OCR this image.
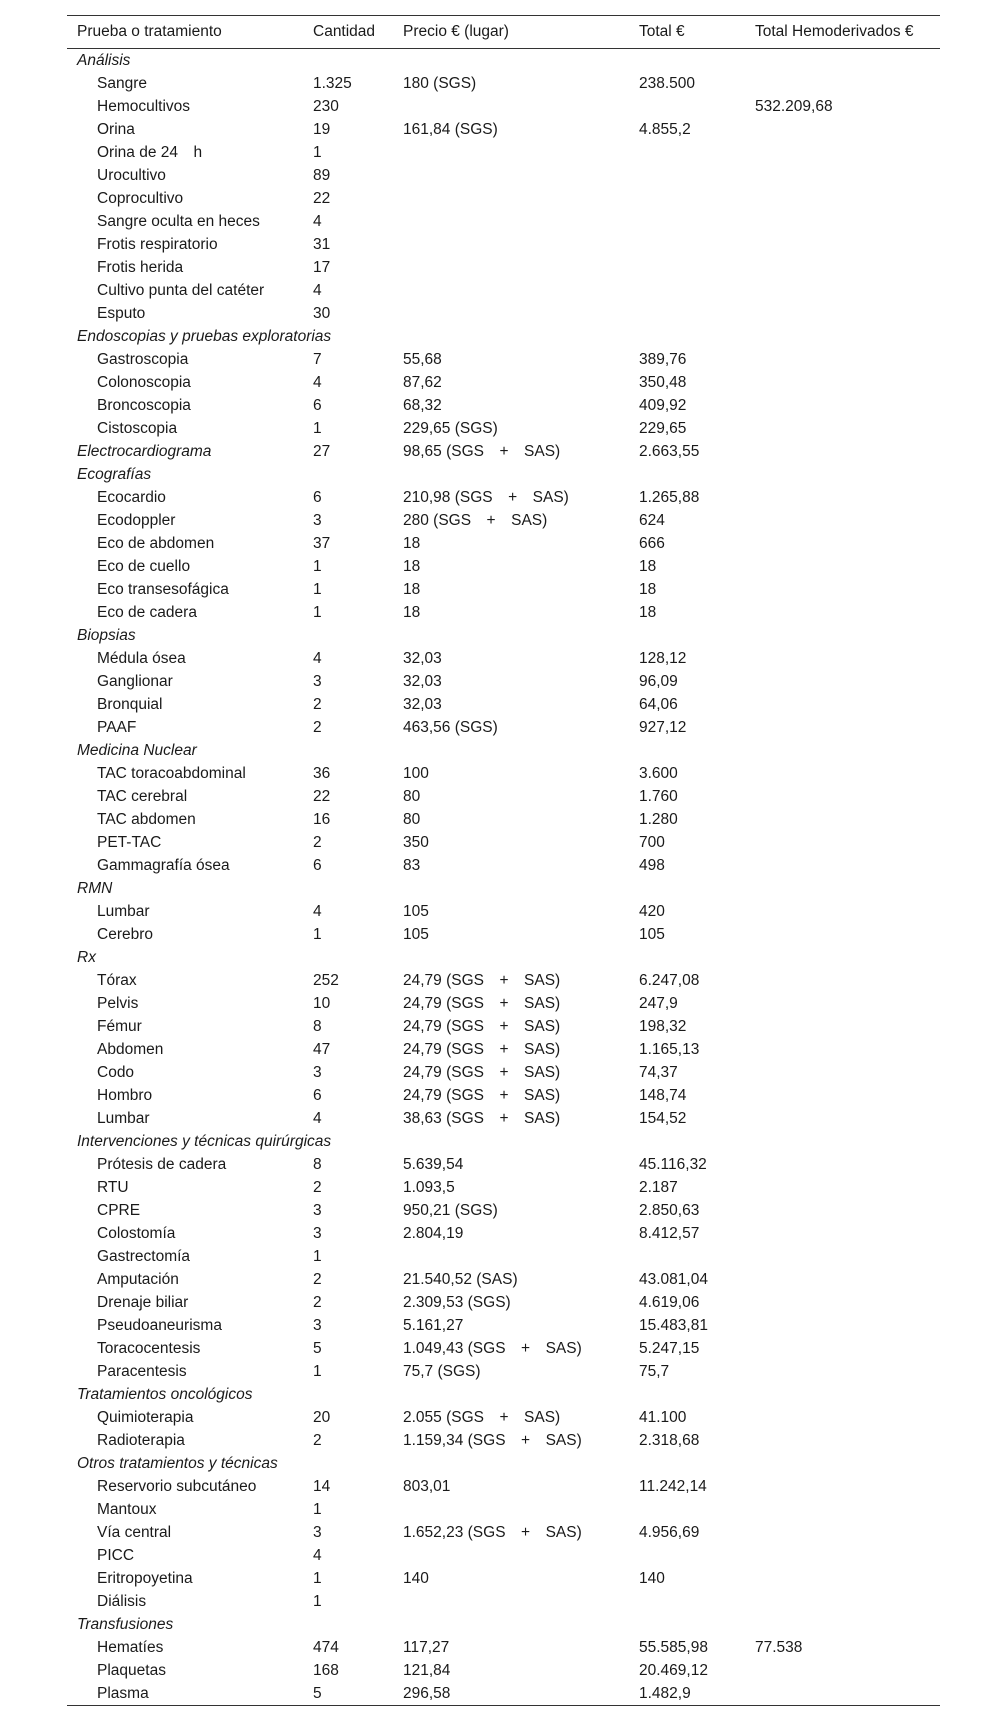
Prueba o tratamiento	Cantidad	Precio € (lugar)	Total €	Total Hemoderivados €
Análisis				
Sangre	1.325	180 (SGS)	238.500	
Hemocultivos	230			532.209,68
Orina	19	161,84 (SGS)	4.855,2	
Orina de 24 h	1			
Urocultivo	89			
Coprocultivo	22			
Sangre oculta en heces	4			
Frotis respiratorio	31			
Frotis herida	17			
Cultivo punta del catéter	4			
Esputo	30			
Endoscopias y pruebas exploratorias				
Gastroscopia	7	55,68	389,76	
Colonoscopia	4	87,62	350,48	
Broncoscopia	6	68,32	409,92	
Cistoscopia	1	229,65 (SGS)	229,65	
Electrocardiograma	27	98,65 (SGS + SAS)	2.663,55	
Ecografías				
Ecocardio	6	210,98 (SGS + SAS)	1.265,88	
Ecodoppler	3	280 (SGS + SAS)	624	
Eco de abdomen	37	18	666	
Eco de cuello	1	18	18	
Eco transesofágica	1	18	18	
Eco de cadera	1	18	18	
Biopsias				
Médula ósea	4	32,03	128,12	
Ganglionar	3	32,03	96,09	
Bronquial	2	32,03	64,06	
PAAF	2	463,56 (SGS)	927,12	
Medicina Nuclear				
TAC toracoabdominal	36	100	3.600	
TAC cerebral	22	80	1.760	
TAC abdomen	16	80	1.280	
PET-TAC	2	350	700	
Gammagrafía ósea	6	83	498	
RMN				
Lumbar	4	105	420	
Cerebro	1	105	105	
Rx				
Tórax	252	24,79 (SGS + SAS)	6.247,08	
Pelvis	10	24,79 (SGS + SAS)	247,9	
Fémur	8	24,79 (SGS + SAS)	198,32	
Abdomen	47	24,79 (SGS + SAS)	1.165,13	
Codo	3	24,79 (SGS + SAS)	74,37	
Hombro	6	24,79 (SGS + SAS)	148,74	
Lumbar	4	38,63 (SGS + SAS)	154,52	
Intervenciones y técnicas quirúrgicas				
Prótesis de cadera	8	5.639,54	45.116,32	
RTU	2	1.093,5	2.187	
CPRE	3	950,21 (SGS)	2.850,63	
Colostomía	3	2.804,19	8.412,57	
Gastrectomía	1			
Amputación	2	21.540,52 (SAS)	43.081,04	
Drenaje biliar	2	2.309,53 (SGS)	4.619,06	
Pseudoaneurisma	3	5.161,27	15.483,81	
Toracocentesis	5	1.049,43 (SGS + SAS)	5.247,15	
Paracentesis	1	75,7 (SGS)	75,7	
Tratamientos oncológicos				
Quimioterapia	20	2.055 (SGS + SAS)	41.100	
Radioterapia	2	1.159,34 (SGS + SAS)	2.318,68	
Otros tratamientos y técnicas				
Reservorio subcutáneo	14	803,01	11.242,14	
Mantoux	1			
Vía central	3	1.652,23 (SGS + SAS)	4.956,69	
PICC	4			
Eritropoyetina	1	140	140	
Diálisis	1			
Transfusiones				
Hematíes	474	117,27	55.585,98	77.538
Plaquetas	168	121,84	20.469,12	
Plasma	5	296,58	1.482,9	
